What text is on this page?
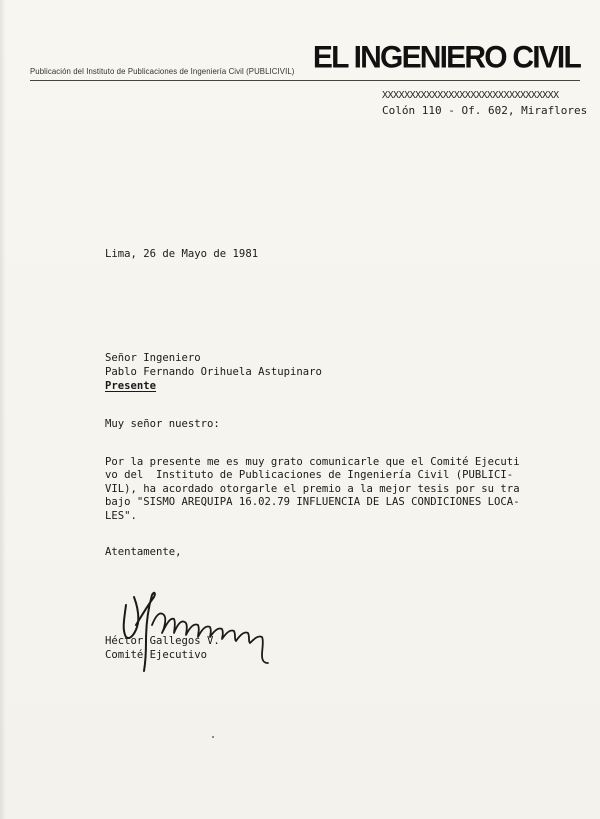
Publicación del Instituto de Publicaciones de Ingeniería Civil (PUBLICIVIL) EL INGENIERO CIVIL
XXXXXXXXXXXXXXXXXXXXXXXXXXXXXXXX
Colón 110 - Of. 602, Miraflores
Lima, 26 de Mayo de 1981
Señor Ingeniero
Pablo Fernando Orihuela Astupinaro
Presente
Muy señor nuestro:
Por la presente me es muy grato comunicarle que el Comité Ejecuti
vo del  Instituto de Publicaciones de Ingeniería Civil (PUBLICI-
VIL), ha acordado otorgarle el premio a la mejor tesis por su tra
bajo "SISMO AREQUIPA 16.02.79 INFLUENCIA DE LAS CONDICIONES LOCA-
LES".
Atentamente,
Héctor Gallegos V.
Comité Ejecutivo
